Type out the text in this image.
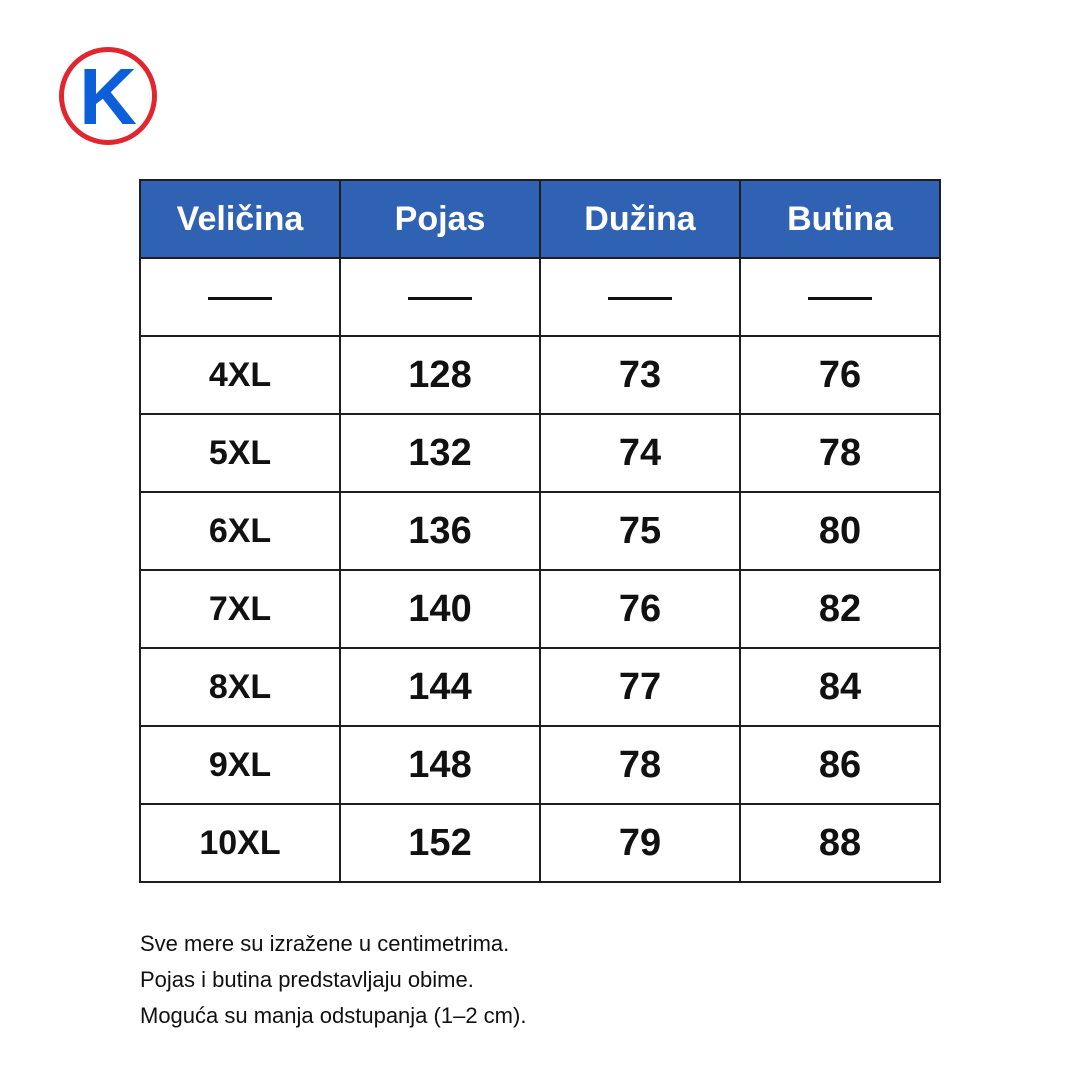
K
Veličina	Pojas	Dužina	Butina

4XL	128	73	76
5XL	132	74	78
6XL	136	75	80
7XL	140	76	82
8XL	144	77	84
9XL	148	78	86
10XL	152	79	88

Sve mere su izražene u centimetrima.

Pojas i butina predstavljaju obime.

Moguća su manja odstupanja (1–2 cm).
